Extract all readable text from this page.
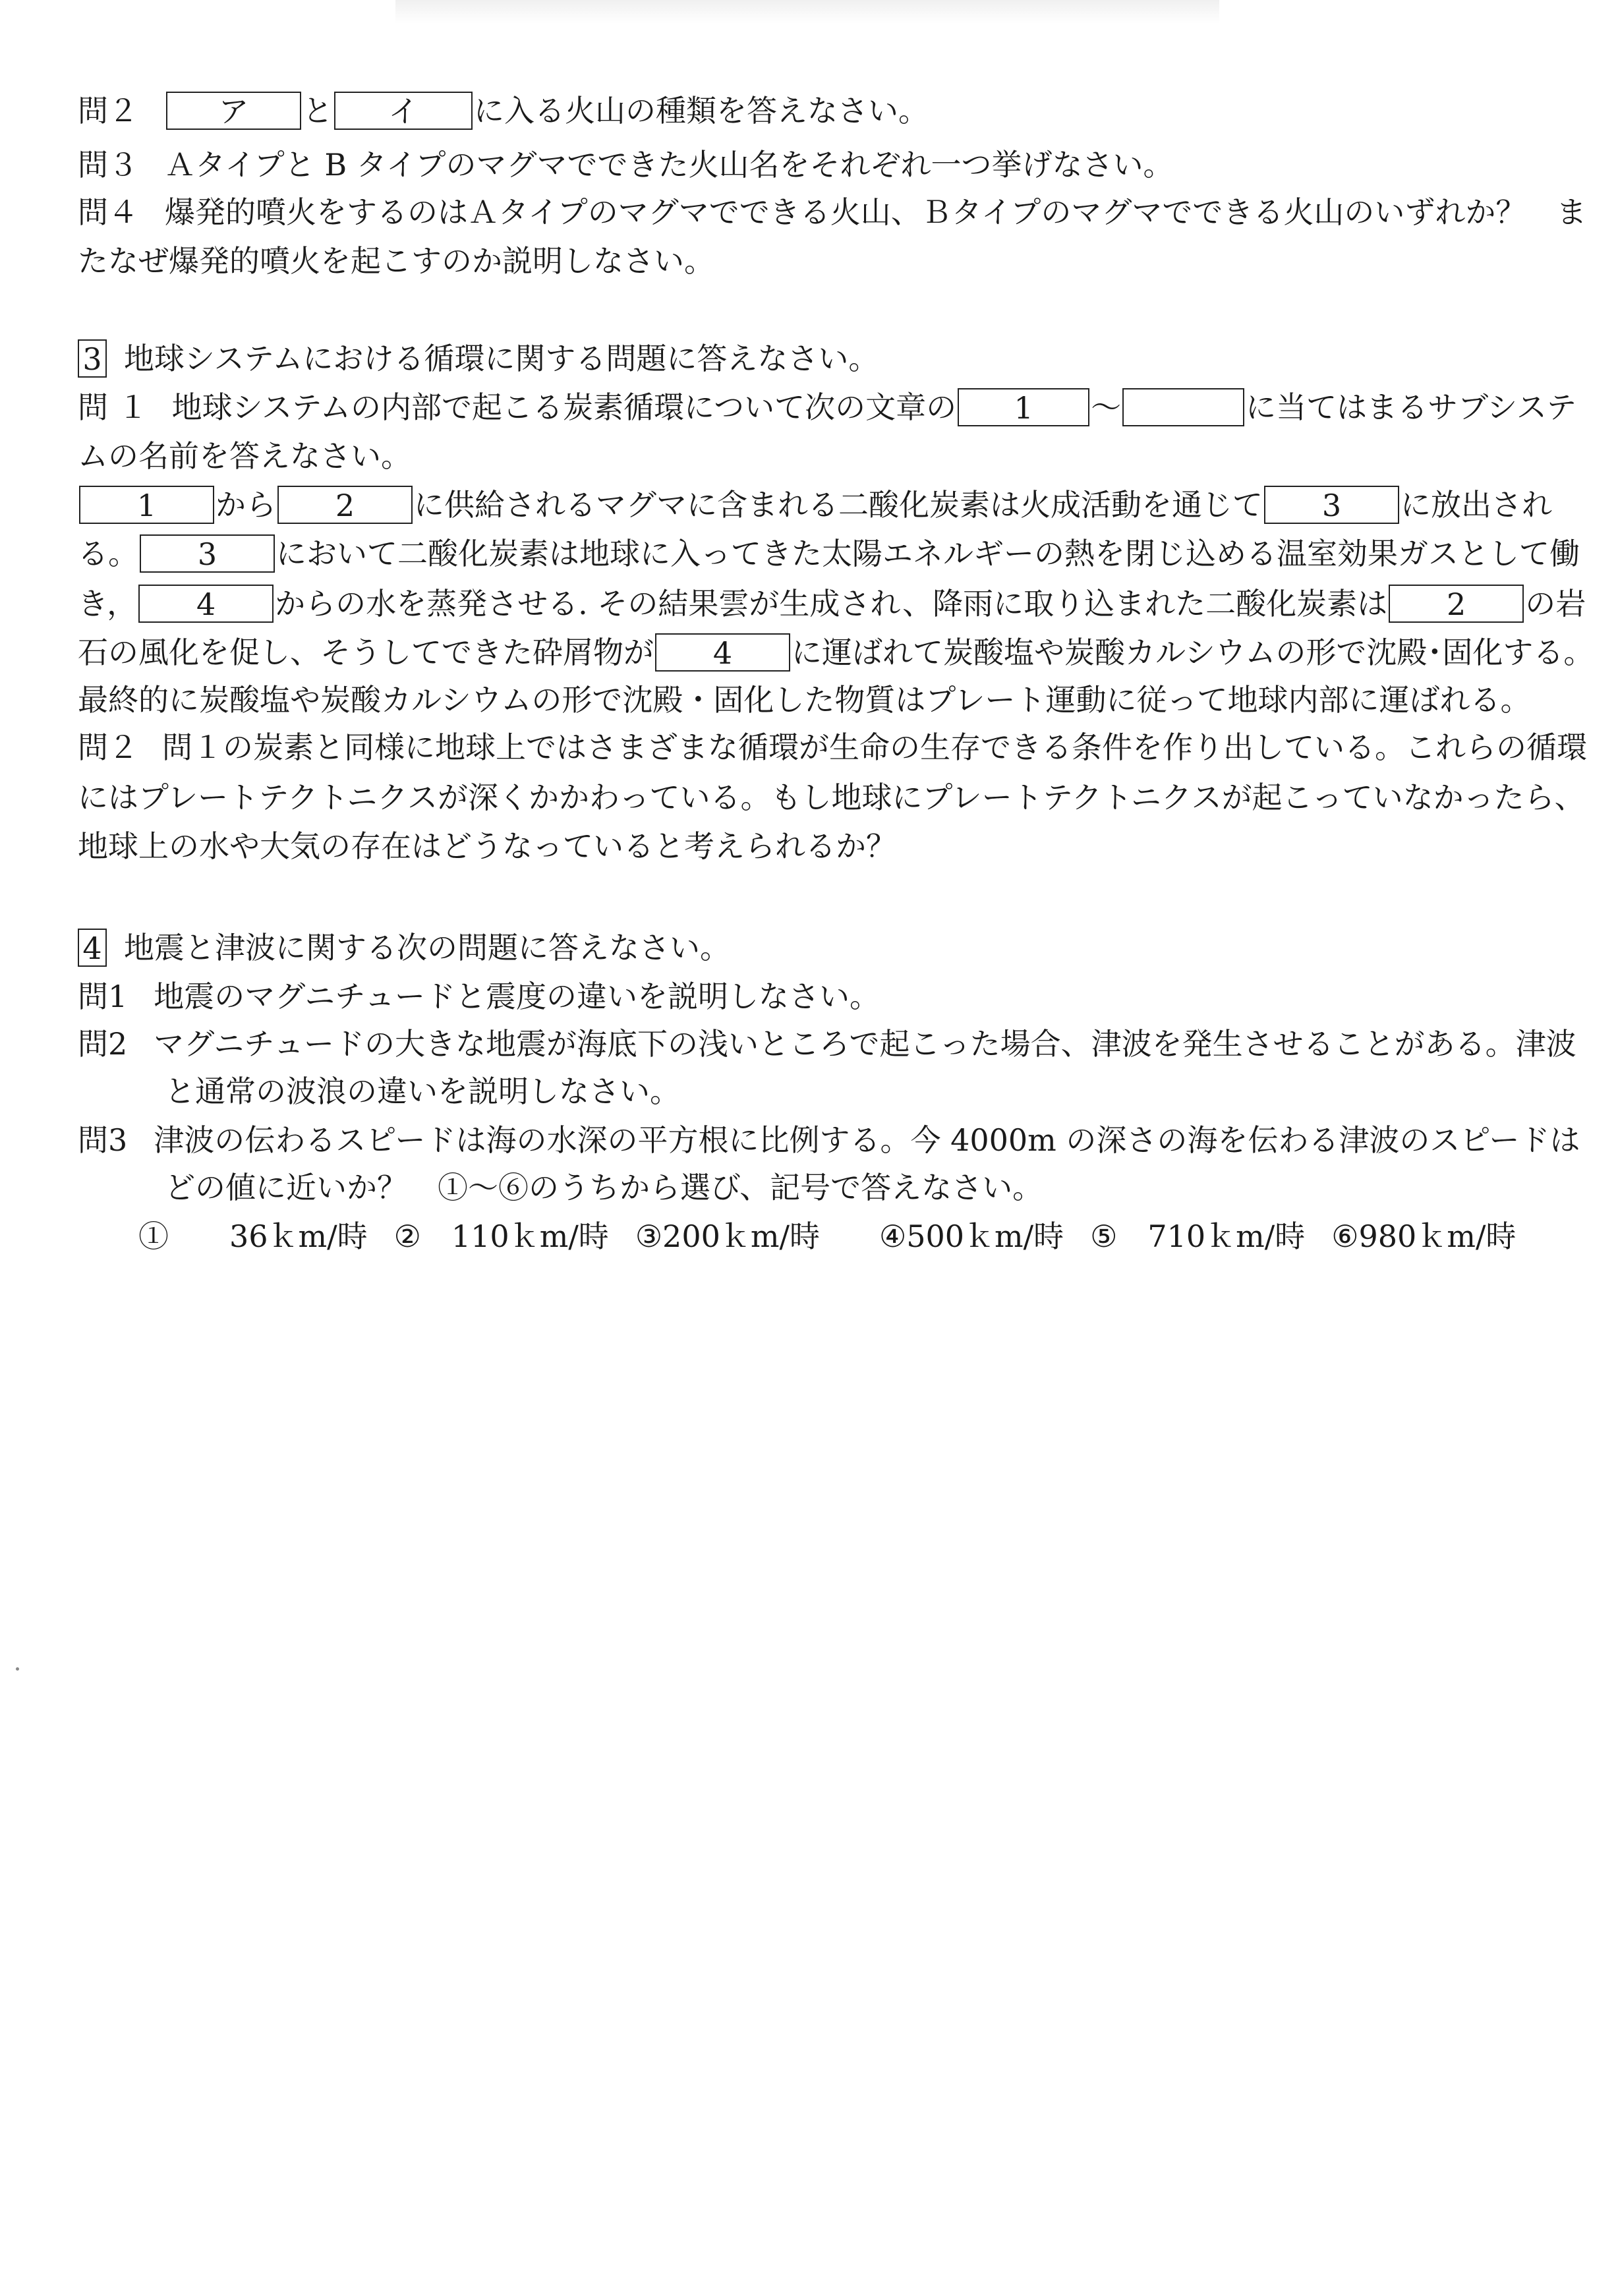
問２	ア と イ に入る火山の種類を答えなさい。
問３ Ａタイプと B タイプのマグマでできた火山名をそれぞれ一つ挙げなさい。
問４ 爆発的噴火をするのはＡタイプのマグマでできる火山、Ｂタイプのマグマでできる火山のいずれか？　ま
たなぜ爆発的噴火を起こすのか説明しなさい。
3 地球システムにおける循環に関する問題に答えなさい。
問 １ 地球システムの内部で起こる炭素循環について次の文章の 1 ～	に当てはまるサブシステ
ムの名前を答えなさい。
1 から 2 に供給されるマグマに含まれる二酸化炭素は火成活動を通じて 3 に放出され
る。 3 において二酸化炭素は地球に入ってきた太陽エネルギーの熱を閉じ込める温室効果ガスとして働
き， 4 からの水を蒸発させる. その結果雲が生成され、降雨に取り込まれた二酸化炭素は 2 の岩
石の風化を促し、そうしてできた砕屑物が 4 に運ばれて炭酸塩や炭酸カルシウムの形で沈殿･固化する。
最終的に炭酸塩や炭酸カルシウムの形で沈殿・固化した物質はプレート運動に従って地球内部に運ばれる。
問２ 問１の炭素と同様に地球上ではさまざまな循環が生命の生存できる条件を作り出している。これらの循環
にはプレートテクトニクスが深くかかわっている。もし地球にプレートテクトニクスが起こっていなかったら、
地球上の水や大気の存在はどうなっていると考えられるか？
4 地震と津波に関する次の問題に答えなさい。
問1 地震のマグニチュードと震度の違いを説明しなさい。
問2 マグニチュードの大きな地震が海底下の浅いところで起こった場合、津波を発生させることがある。津波
と通常の波浪の違いを説明しなさい。
問3 津波の伝わるスピードは海の水深の平方根に比例する。今 4000m の深さの海を伝わる津波のスピードは
どの値に近いか？　①～⑥のうちから選び、記号で答えなさい。
①　　36ｋm/時 ②　110ｋm/時 ③200ｋm/時 ④500ｋm/時 ⑤　710ｋm/時 ⑥980ｋm/時
